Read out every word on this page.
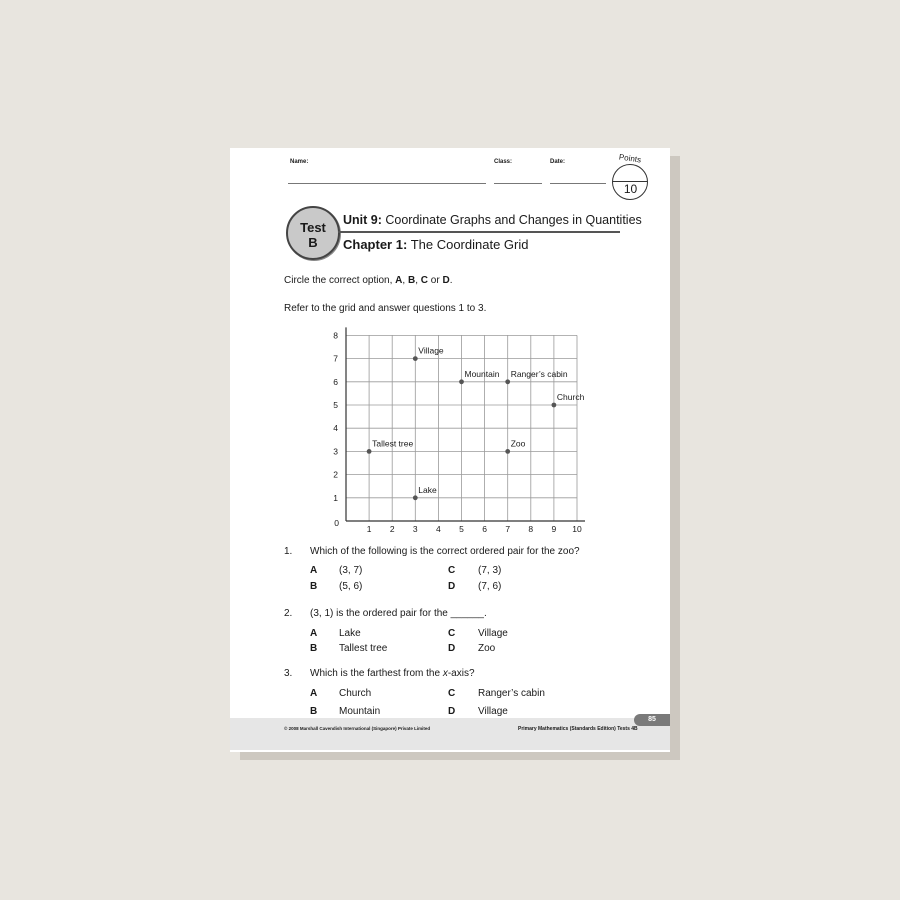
Name:	Class:	Date:	Points
10
Test
B
Unit 9: Coordinate Graphs and Changes in Quantities
Chapter 1: The Coordinate Grid
Circle the correct option, A, B, C or D.
Refer to the grid and answer questions 1 to 3.
1 2 3 4 5 6 7 8 9 10
1
2
3
4
5
6
7
8
0
Village
Mountain Ranger’s cabin
Church
Tallest tree	Zoo
Lake
1. Which of the following is the correct ordered pair for the zoo?
A (3, 7)	C (7, 3)
B (5, 6)	D (7, 6)
2. (3, 1) is the ordered pair for the ______.
A Lake	C Village
B Tallest tree	D Zoo
3. Which is the farthest from the x-axis?
A Church	C Ranger’s cabin
85
© 2008 Marshall Cavendish International (Singapore) Private Limited	Primary Mathematics (Standards Edition) Tests 4B
B Mountain	D Village
